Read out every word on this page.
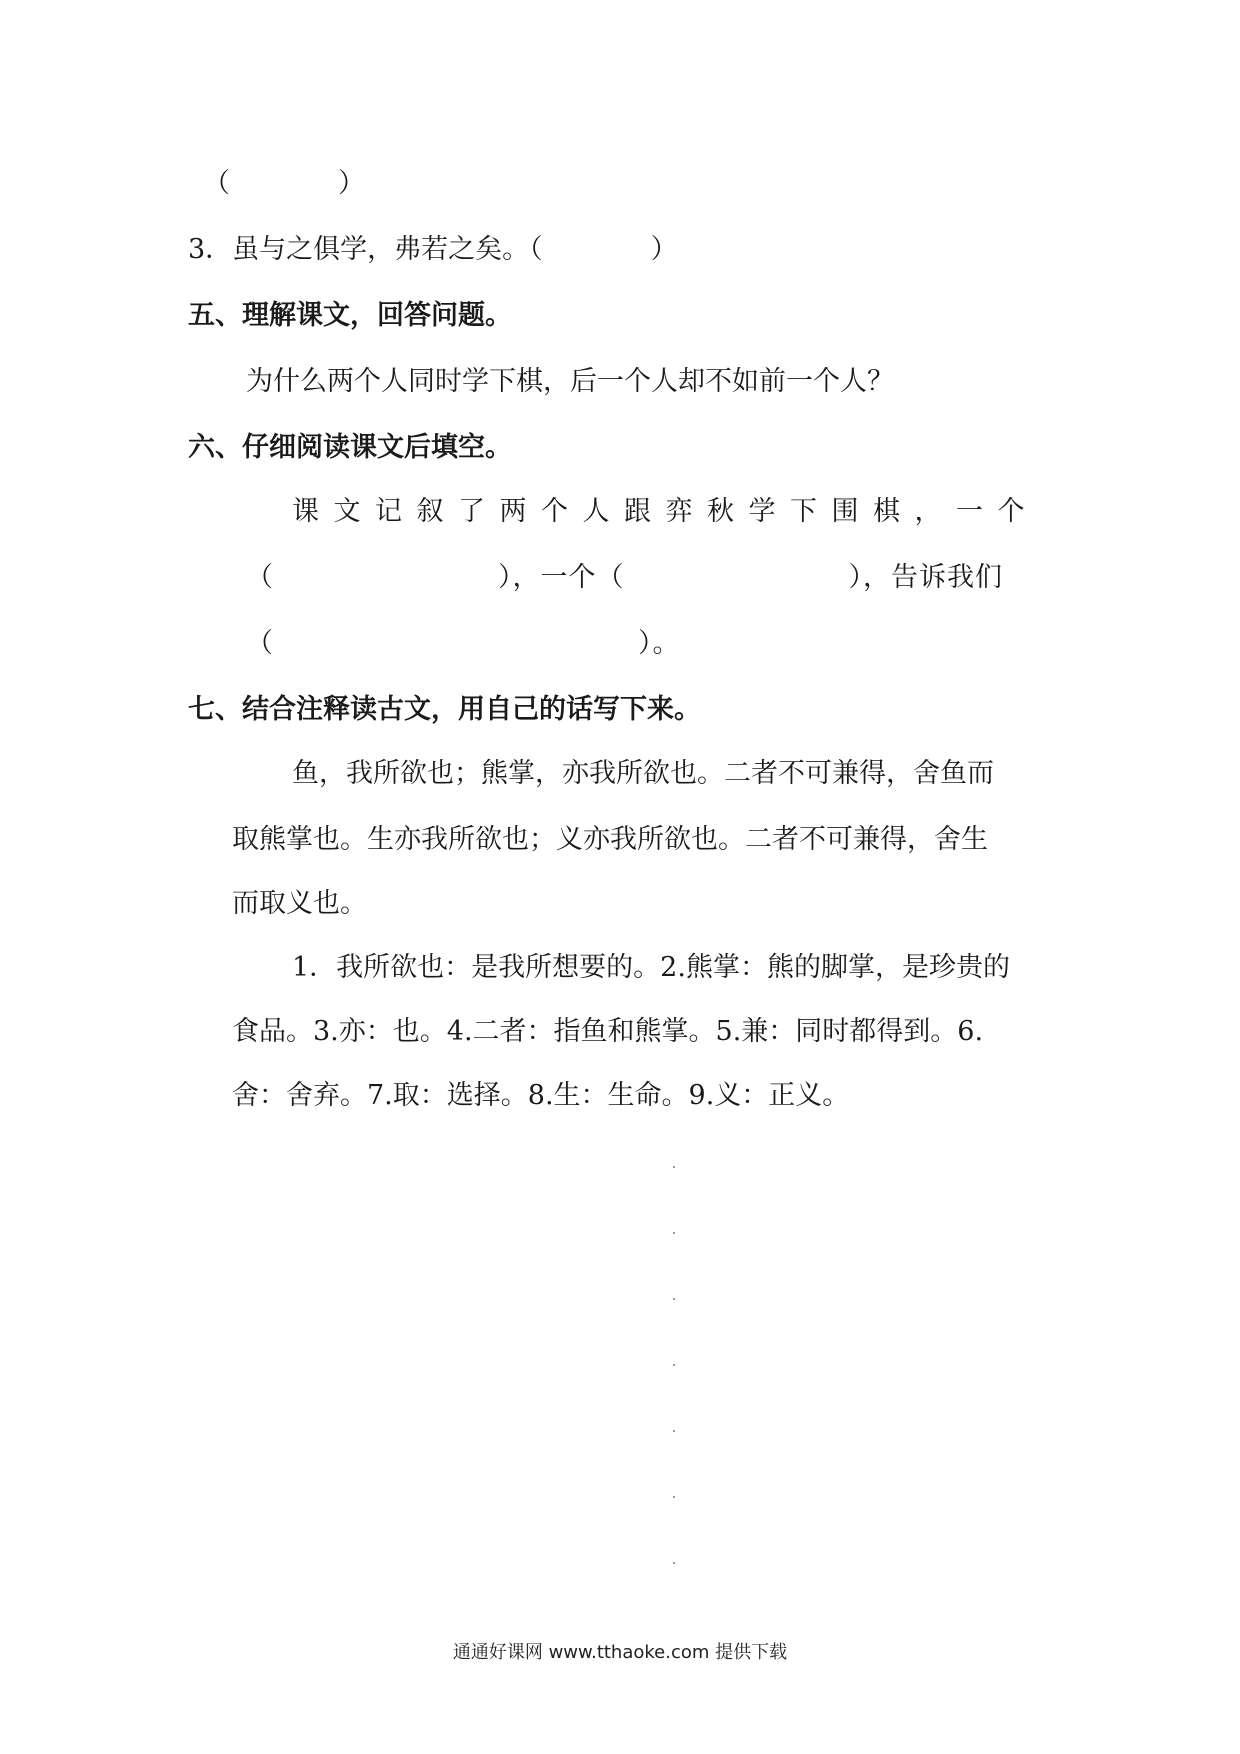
（　　　　）
3．虽与之俱学，弗若之矣。（　　　　）
五、理解课文，回答问题。
为什么两个人同时学下棋，后一个人却不如前一个人？
六、仔细阅读课文后填空。
课文记叙了两个人跟弈秋学下围棋，一个
（　　　　　　　　），一个（　　　　　　　　），告诉我们
（　　　　　　　　　　　　　）。
七、结合注释读古文，用自己的话写下来。
鱼，我所欲也；熊掌，亦我所欲也。二者不可兼得，舍鱼而
取熊掌也。生亦我所欲也；义亦我所欲也。二者不可兼得，舍生
而取义也。
1．我所欲也：是我所想要的。2.熊掌：熊的脚掌，是珍贵的
食品。3.亦：也。4.二者：指鱼和熊掌。5.兼：同时都得到。6.
舍：舍弃。7.取：选择。8.生：生命。9.义：正义。
通通好课网 www.tthaoke.com 提供下载
